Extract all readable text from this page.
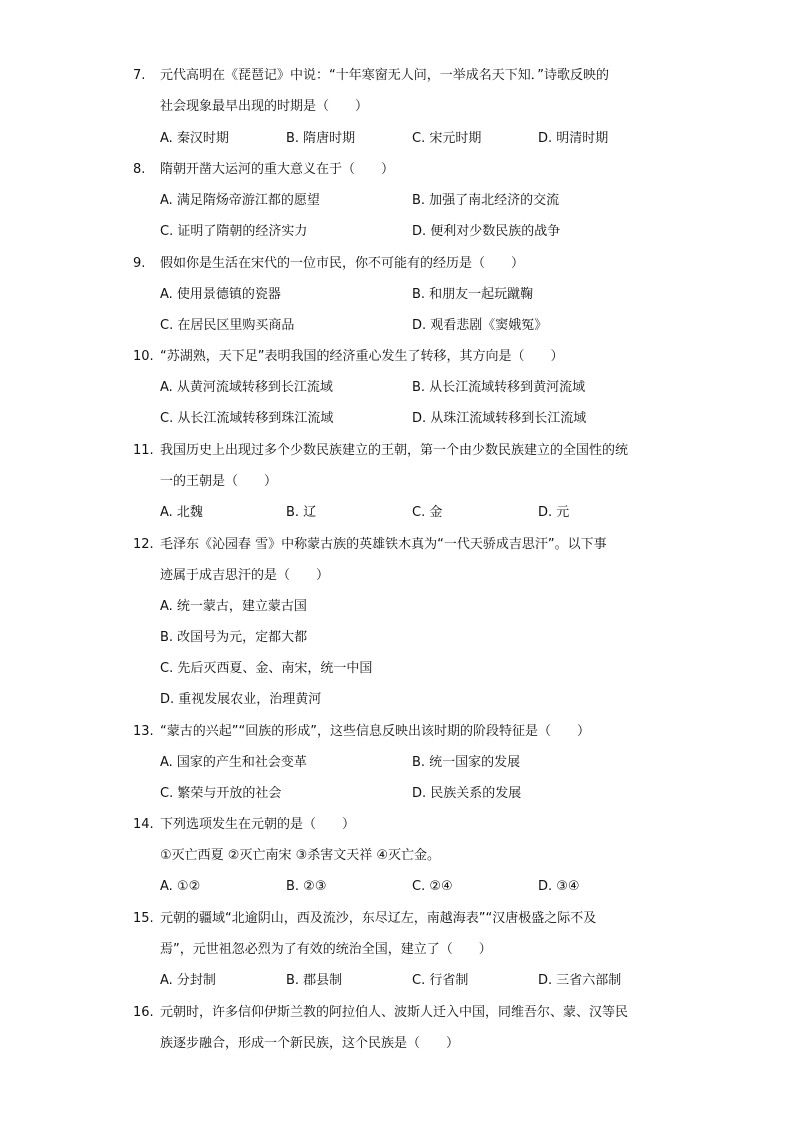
7. 元代高明在《琵琶记》中说：“十年寒窗无人问，一举成名天下知．”诗歌反映的
社会现象最早出现的时期是（　　）
A. 秦汉时期	B. 隋唐时期	C. 宋元时期	D. 明清时期
8. 隋朝开凿大运河的重大意义在于（　　）
A. 满足隋炀帝游江都的愿望	B. 加强了南北经济的交流
C. 证明了隋朝的经济实力	D. 便利对少数民族的战争
9. 假如你是生活在宋代的一位市民，你不可能有的经历是（　　）
A. 使用景德镇的瓷器	B. 和朋友一起玩蹴鞠
C. 在居民区里购买商品	D. 观看悲剧《窦娥冤》
10. “苏湖熟，天下足”表明我国的经济重心发生了转移，其方向是（　　）
A. 从黄河流域转移到长江流域	B. 从长江流域转移到黄河流域
C. 从长江流域转移到珠江流域	D. 从珠江流域转移到长江流域
11. 我国历史上出现过多个少数民族建立的王朝，第一个由少数民族建立的全国性的统
一的王朝是（　　）
A. 北魏	B. 辽	C. 金	D. 元
12. 毛泽东《沁园春 雪》中称蒙古族的英雄铁木真为“一代天骄成吉思汗”。以下事
迹属于成吉思汗的是（　　）
A. 统一蒙古，建立蒙古国
B. 改国号为元，定都大都
C. 先后灭西夏、金、南宋，统一中国
D. 重视发展农业，治理黄河
13. “蒙古的兴起”“回族的形成”，这些信息反映出该时期的阶段特征是（　　）
A. 国家的产生和社会变革	B. 统一国家的发展
C. 繁荣与开放的社会	D. 民族关系的发展
14. 下列选项发生在元朝的是（　　）
①灭亡西夏 ②灭亡南宋 ③杀害文天祥 ④灭亡金。
A. ①②	B. ②③	C. ②④	D. ③④
15. 元朝的疆域“北逾阴山，西及流沙，东尽辽左，南越海表”“汉唐极盛之际不及
焉”，元世祖忽必烈为了有效的统治全国，建立了（　　）
A. 分封制	B. 郡县制	C. 行省制	D. 三省六部制
16. 元朝时，许多信仰伊斯兰教的阿拉伯人、波斯人迁入中国，同维吾尔、蒙、汉等民
族逐步融合，形成一个新民族，这个民族是（　　）
